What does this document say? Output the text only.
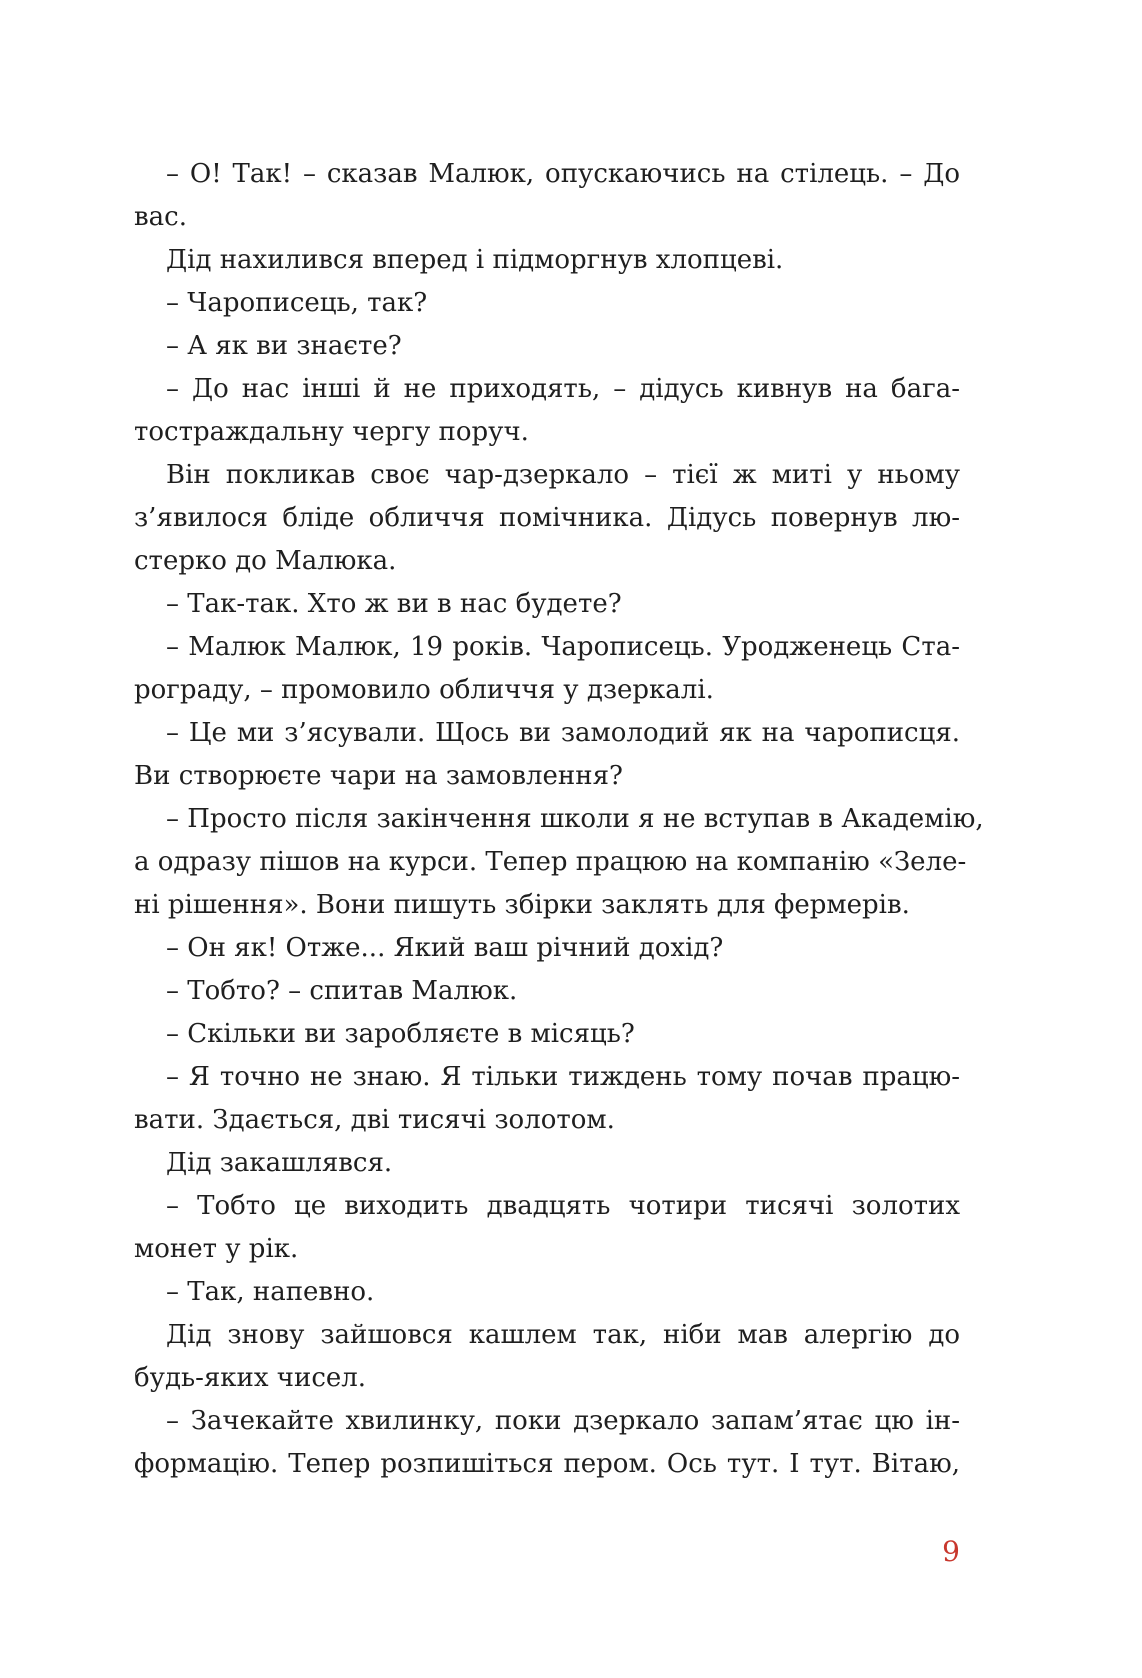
– О! Так! – сказав Малюк, опускаючись на стілець. – До
вас.
Дід нахилився вперед і підморгнув хлопцеві.
– Чарописець, так?
– А як ви знаєте?
– До нас інші й не приходять, – дідусь кивнув на бага-
тостраждальну чергу поруч.
Він покликав своє чар-дзеркало – тієї ж миті у ньому
з’явилося бліде обличчя помічника. Дідусь повернув лю-
стерко до Малюка.
– Так-так. Хто ж ви в нас будете?
– Малюк Малюк, 19 років. Чарописець. Уродженець Ста-
рограду, – промовило обличчя у дзеркалі.
– Це ми з’ясували. Щось ви замолодий як на чарописця.
Ви створюєте чари на замовлення?
– Просто після закінчення школи я не вступав в Академію,
а одразу пішов на курси. Тепер працюю на компанію «Зеле-
ні рішення». Вони пишуть збірки заклять для фермерів.
– Он як! Отже... Який ваш річний дохід?
– Тобто? – спитав Малюк.
– Скільки ви заробляєте в місяць?
– Я точно не знаю. Я тільки тиждень тому почав працю-
вати. Здається, дві тисячі золотом.
Дід закашлявся.
– Тобто це виходить двадцять чотири тисячі золотих
монет у рік.
– Так, напевно.
Дід знову зайшовся кашлем так, ніби мав алергію до
будь-яких чисел.
– Зачекайте хвилинку, поки дзеркало запам’ятає цю ін-
формацію. Тепер розпишіться пером. Ось тут. І тут. Вітаю,
9
